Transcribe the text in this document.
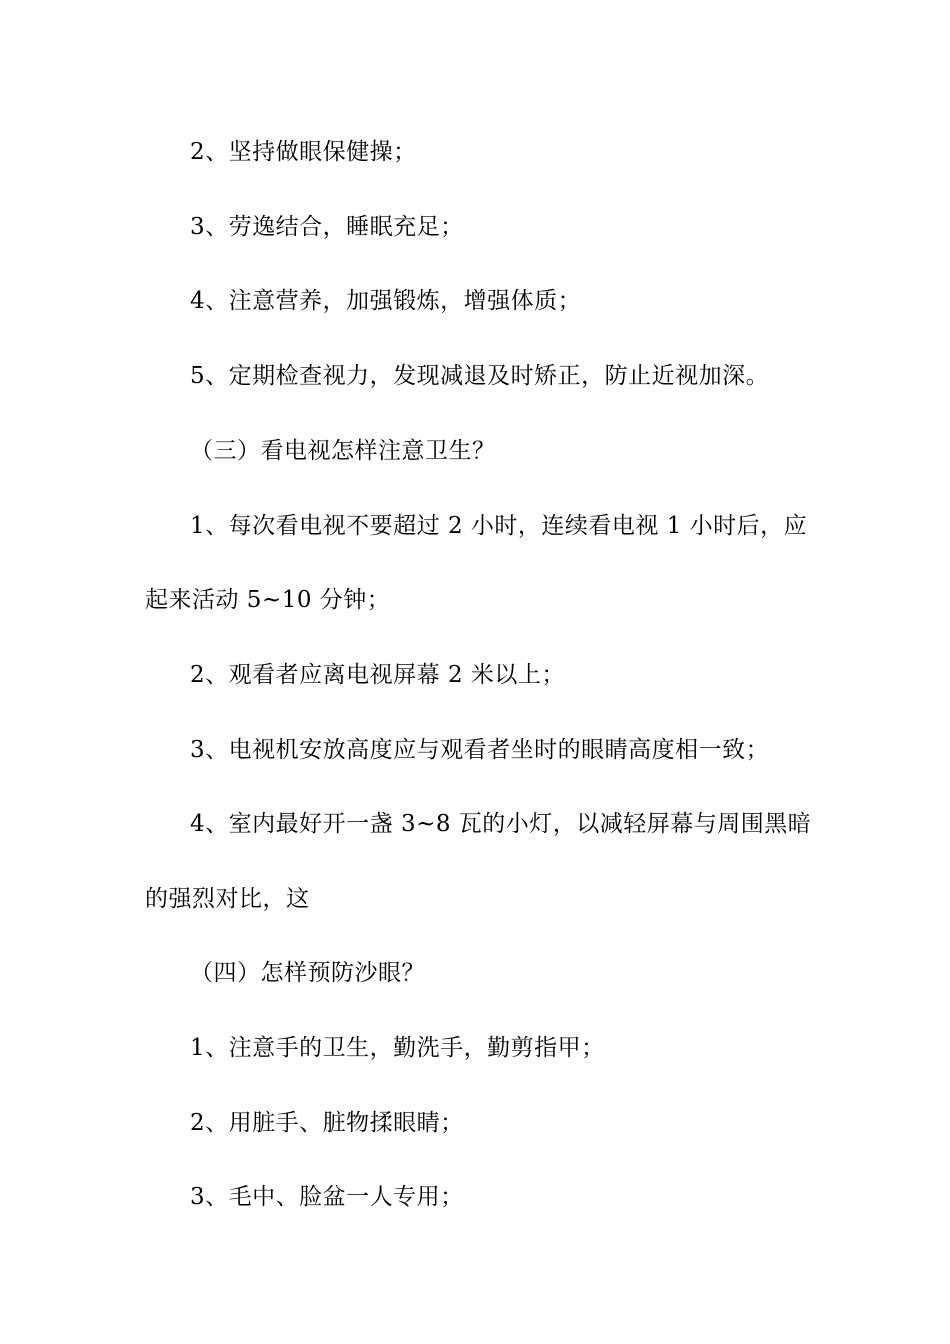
2、坚持做眼保健操；
3、劳逸结合，睡眠充足；
4、注意营养，加强锻炼，增强体质；
5、定期检查视力，发现减退及时矫正，防止近视加深。
（三）看电视怎样注意卫生？
1、每次看电视不要超过 2 小时，连续看电视 1 小时后，应
起来活动 5~10 分钟；
2、观看者应离电视屏幕 2 米以上；
3、电视机安放高度应与观看者坐时的眼睛高度相一致；
4、室内最好开一盏 3~8 瓦的小灯，以减轻屏幕与周围黑暗
的强烈对比，这
（四）怎样预防沙眼？
1、注意手的卫生，勤洗手，勤剪指甲；
2、用脏手、脏物揉眼睛；
3、毛中、脸盆一人专用；
